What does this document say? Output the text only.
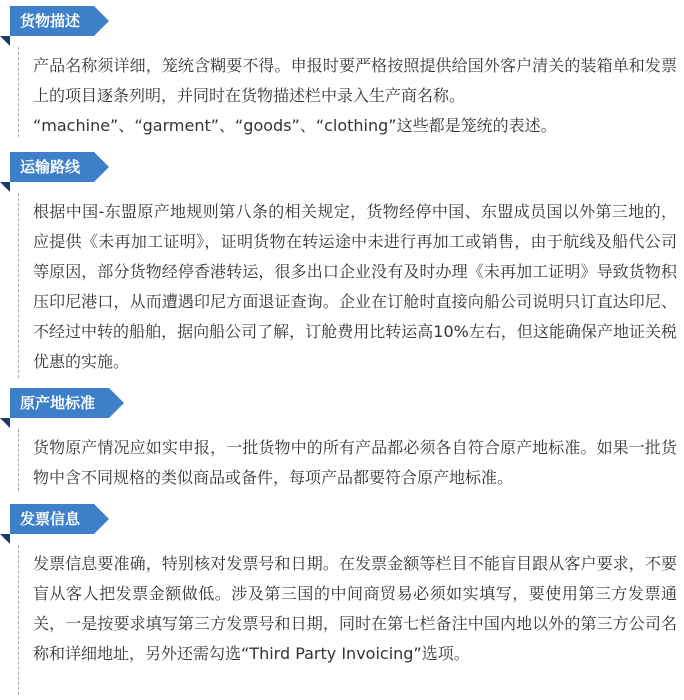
货物描述

产品名称须详细，笼统含糊要不得。申报时要严格按照提供给国外客户清关的装箱单和发票上的项目逐条列明，并同时在货物描述栏中录入生产商名称。

“machine”、“garment”、“goods”、“clothing”这些都是笼统的表述。

运输路线

根据中国-东盟原产地规则第八条的相关规定，货物经停中国、东盟成员国以外第三地的，应提供《未再加工证明》，证明货物在转运途中未进行再加工或销售，由于航线及船代公司等原因，部分货物经停香港转运，很多出口企业没有及时办理《未再加工证明》导致货物积压印尼港口，从而遭遇印尼方面退证查询。企业在订舱时直接向船公司说明只订直达印尼、不经过中转的船舶，据向船公司了解，订舱费用比转运高10%左右，但这能确保产地证关税优惠的实施。

原产地标准

货物原产情况应如实申报，一批货物中的所有产品都必须各自符合原产地标准。如果一批货物中含不同规格的类似商品或备件，每项产品都要符合原产地标准。

发票信息

发票信息要准确，特别核对发票号和日期。在发票金额等栏目不能盲目跟从客户要求，不要盲从客人把发票金额做低。涉及第三国的中间商贸易必须如实填写，要使用第三方发票通关，一是按要求填写第三方发票号和日期，同时在第七栏备注中国内地以外的第三方公司名称和详细地址，另外还需勾选“Third Party Invoicing”选项。
